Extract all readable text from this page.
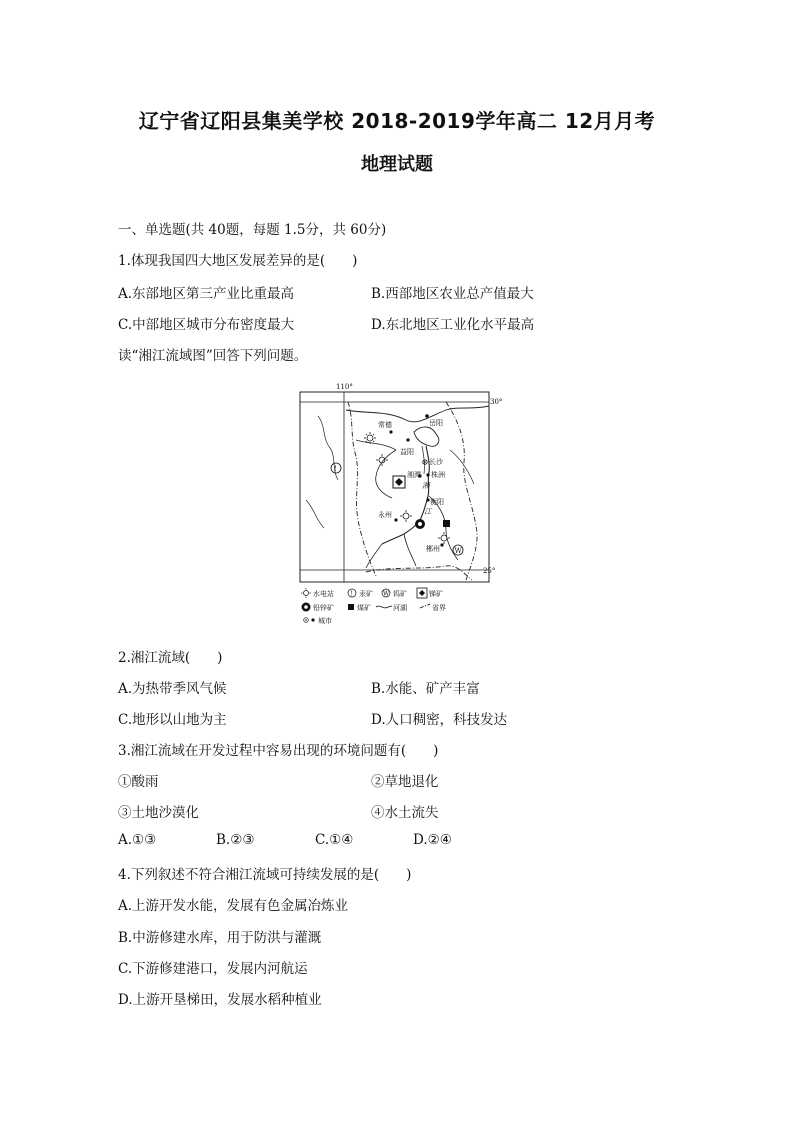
辽宁省辽阳县集美学校 2018-2019学年高二 12月月考
地理试题
一、单选题(共 40题，每题 1.5分，共 60分)
1.体现我国四大地区发展差异的是(　　)
A.东部地区第三产业比重最高	B.西部地区农业总产值最大
C.中部地区城市分布密度最大	D.东北地区工业化水平最高
读“湘江流域图”回答下列问题。
110°
30°
25°
常德	岳阳
益阳
长沙
湘潭 株洲
衡阳
永州
郴州
湘
江
!
W
水电站	! 汞矿 W 钨矿	锑矿
铅锌矿	煤矿	河湖	省界
城市
2.湘江流域(　　)
A.为热带季风气候	B.水能、矿产丰富
C.地形以山地为主	D.人口稠密，科技发达
3.湘江流域在开发过程中容易出现的环境问题有(　　)
①酸雨	②草地退化
③土地沙漠化	④水土流失
A.①③	B.②③	C.①④	D.②④
4.下列叙述不符合湘江流域可持续发展的是(　　)
A.上游开发水能，发展有色金属冶炼业
B.中游修建水库，用于防洪与灌溉
C.下游修建港口，发展内河航运
D.上游开垦梯田，发展水稻种植业
